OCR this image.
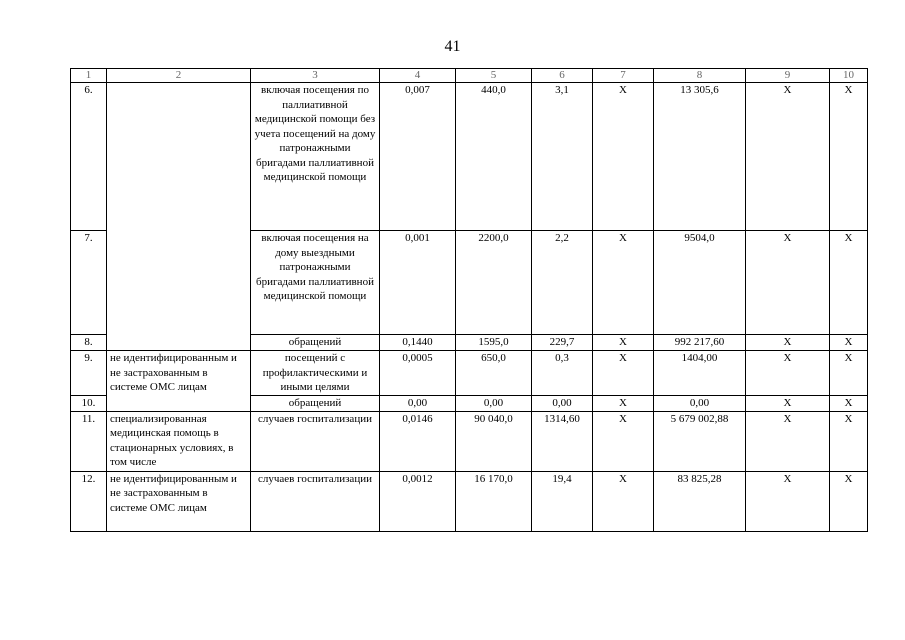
41
1	2	3	4	5	6	7	8	9	10
6.		включая посещения по паллиативной медицинской помощи без учета посещений на дому патронажными бригадами паллиативной медицинской помощи	0,007	440,0	3,1	Х	13 305,6	Х	Х
7.		включая посещения на дому выездными патронажными бригадами паллиативной медицинской помощи	0,001	2200,0	2,2	Х	9504,0	Х	Х
8.		обращений	0,1440	1595,0	229,7	Х	992 217,60	Х	Х
9.	не идентифицированным и не застрахованным в системе ОМС лицам	посещений с профилактическими и иными целями	0,0005	650,0	0,3	Х	1404,00	Х	Х
10.		обращений	0,00	0,00	0,00	Х	0,00	Х	Х
11.	специализированная медицинская помощь в стационарных условиях, в том числе	случаев госпитализации	0,0146	90 040,0	1314,60	Х	5 679 002,88	Х	Х
12.	не идентифицированным и не застрахованным в системе ОМС лицам	случаев госпитализации	0,0012	16 170,0	19,4	Х	83 825,28	Х	Х
